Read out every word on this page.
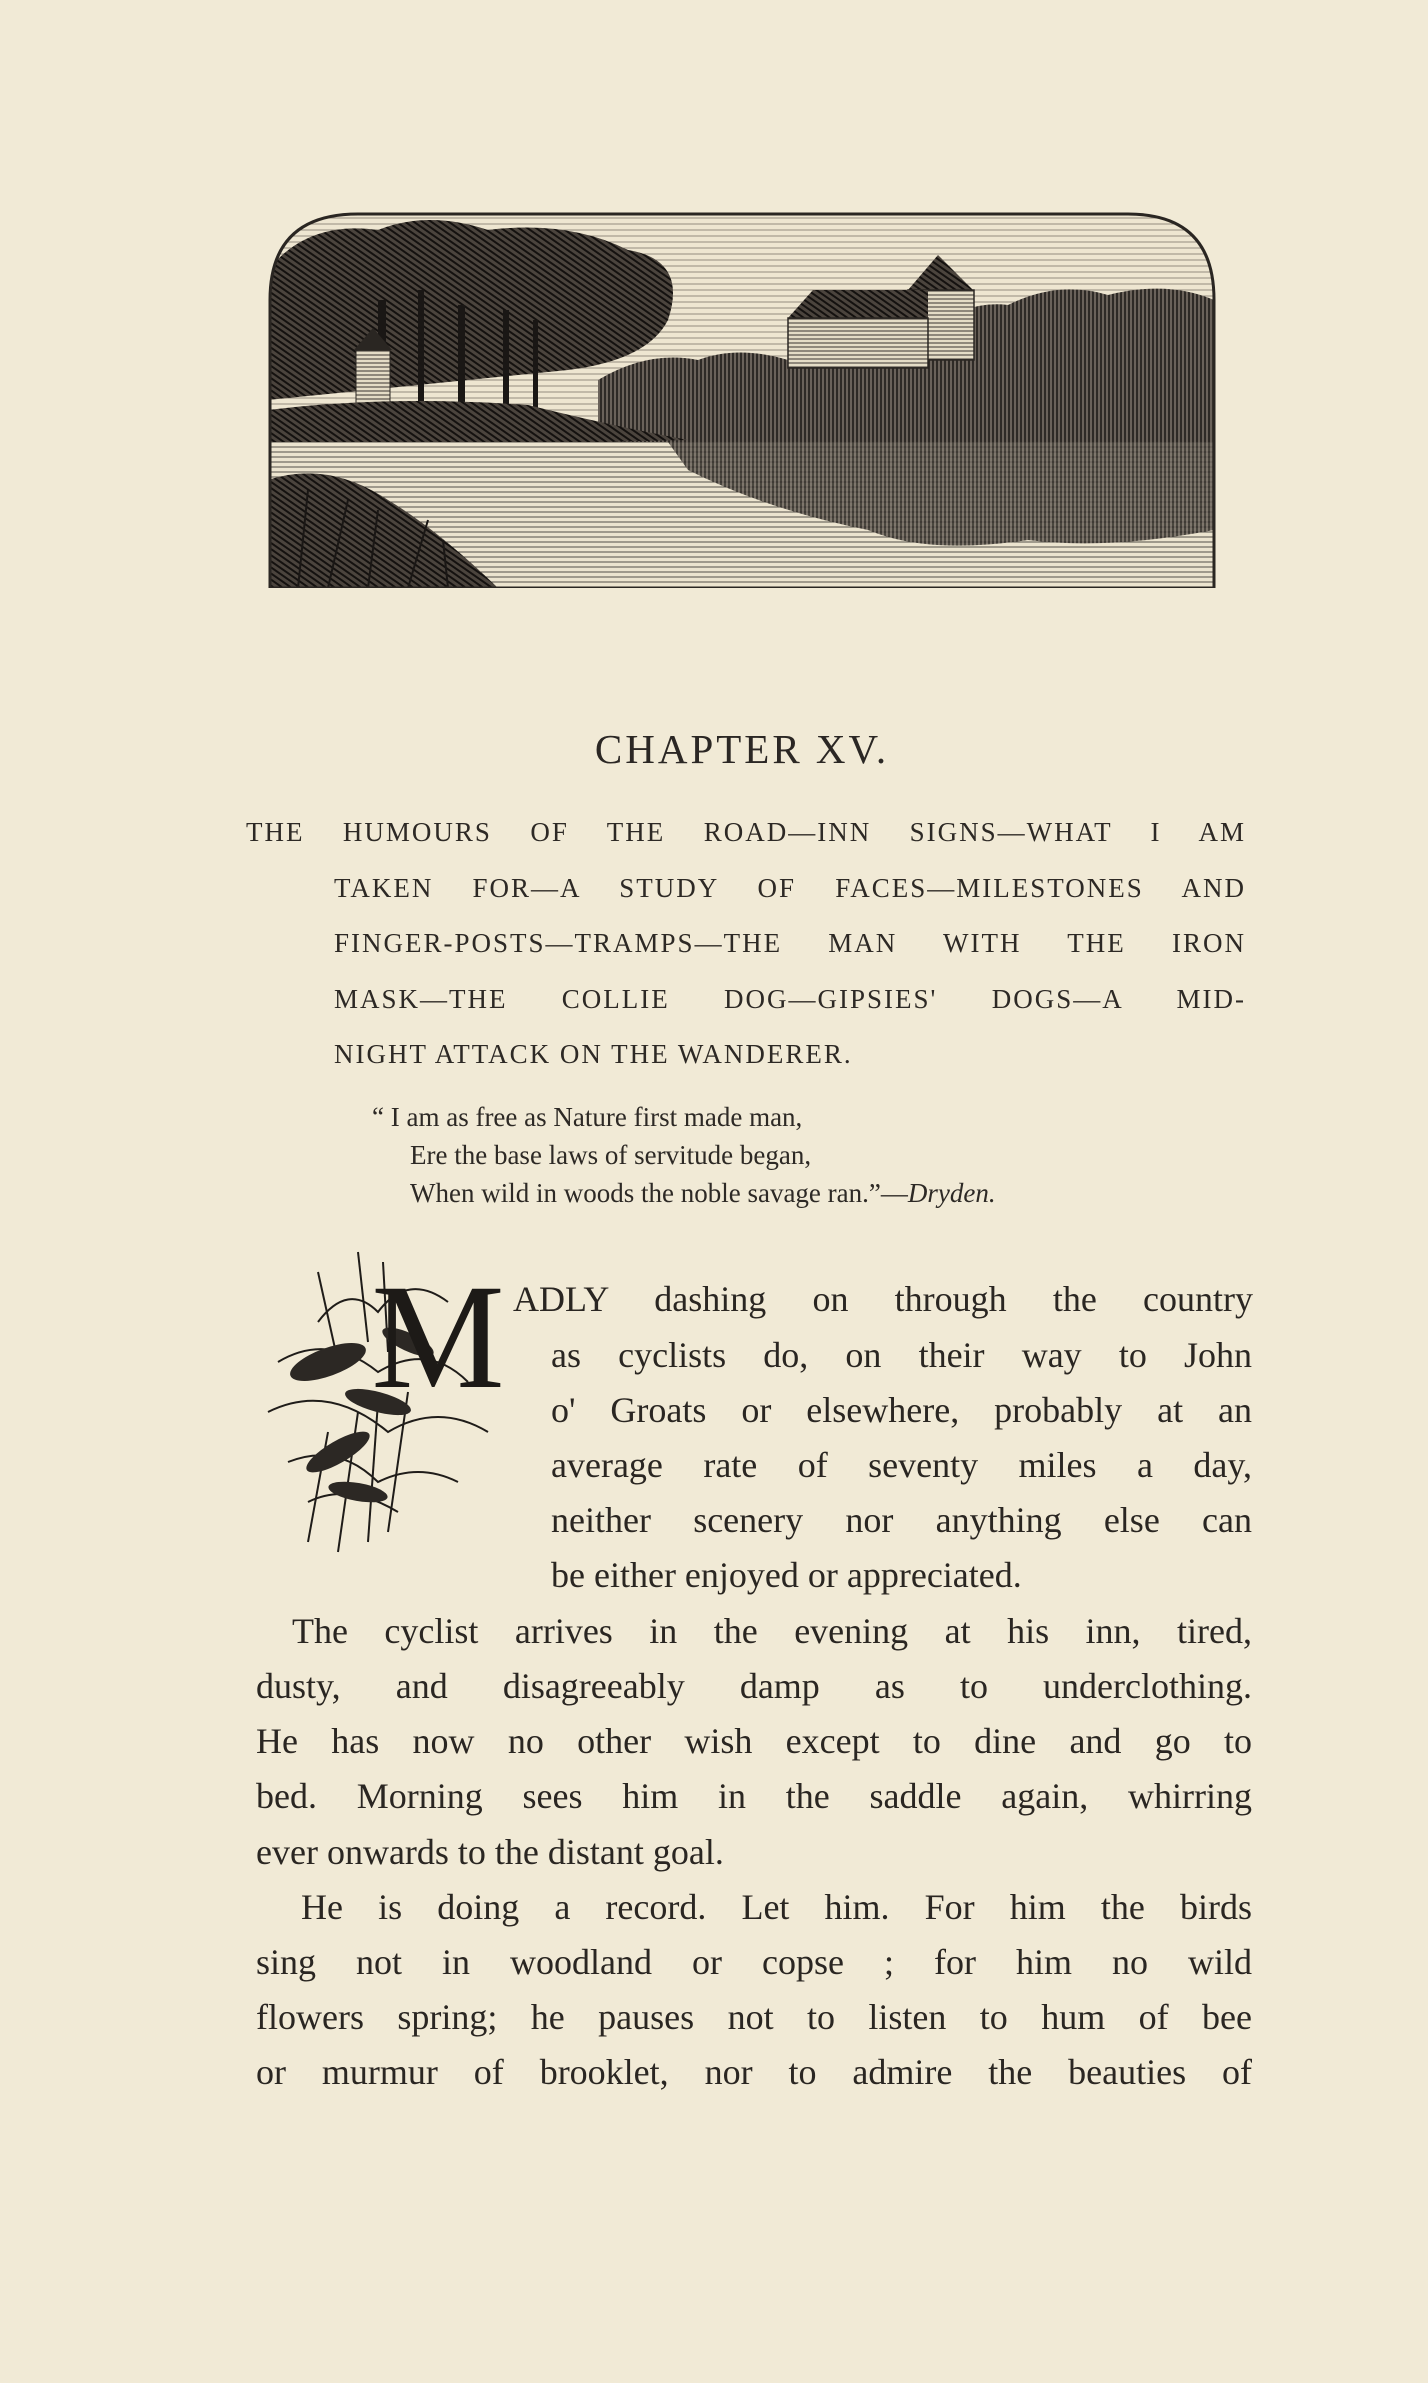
CHAPTER XV.
THE HUMOURS OF THE ROAD—INN SIGNS—WHAT I AM
TAKEN FOR—A STUDY OF FACES—MILESTONES AND
FINGER-POSTS—TRAMPS—THE MAN WITH THE IRON
MASK—THE COLLIE DOG—GIPSIES' DOGS—A MID-
NIGHT ATTACK ON THE WANDERER.
“ I am as free as Nature first made man,
Ere the base laws of servitude began,
When wild in woods the noble savage ran.”—Dryden.
M ADLY dashing on through the country
as cyclists do, on their way to John
o' Groats or elsewhere, probably at an
average rate of seventy miles a day,
neither scenery nor anything else can
be either enjoyed or appreciated.
The cyclist arrives in the evening at his inn, tired,
dusty, and disagreeably damp as to underclothing.
He has now no other wish except to dine and go to
bed. Morning sees him in the saddle again, whirring
ever onwards to the distant goal.
He is doing a record. Let him. For him the birds
sing not in woodland or copse ; for him no wild
flowers spring; he pauses not to listen to hum of bee
or murmur of brooklet, nor to admire the beauties of
